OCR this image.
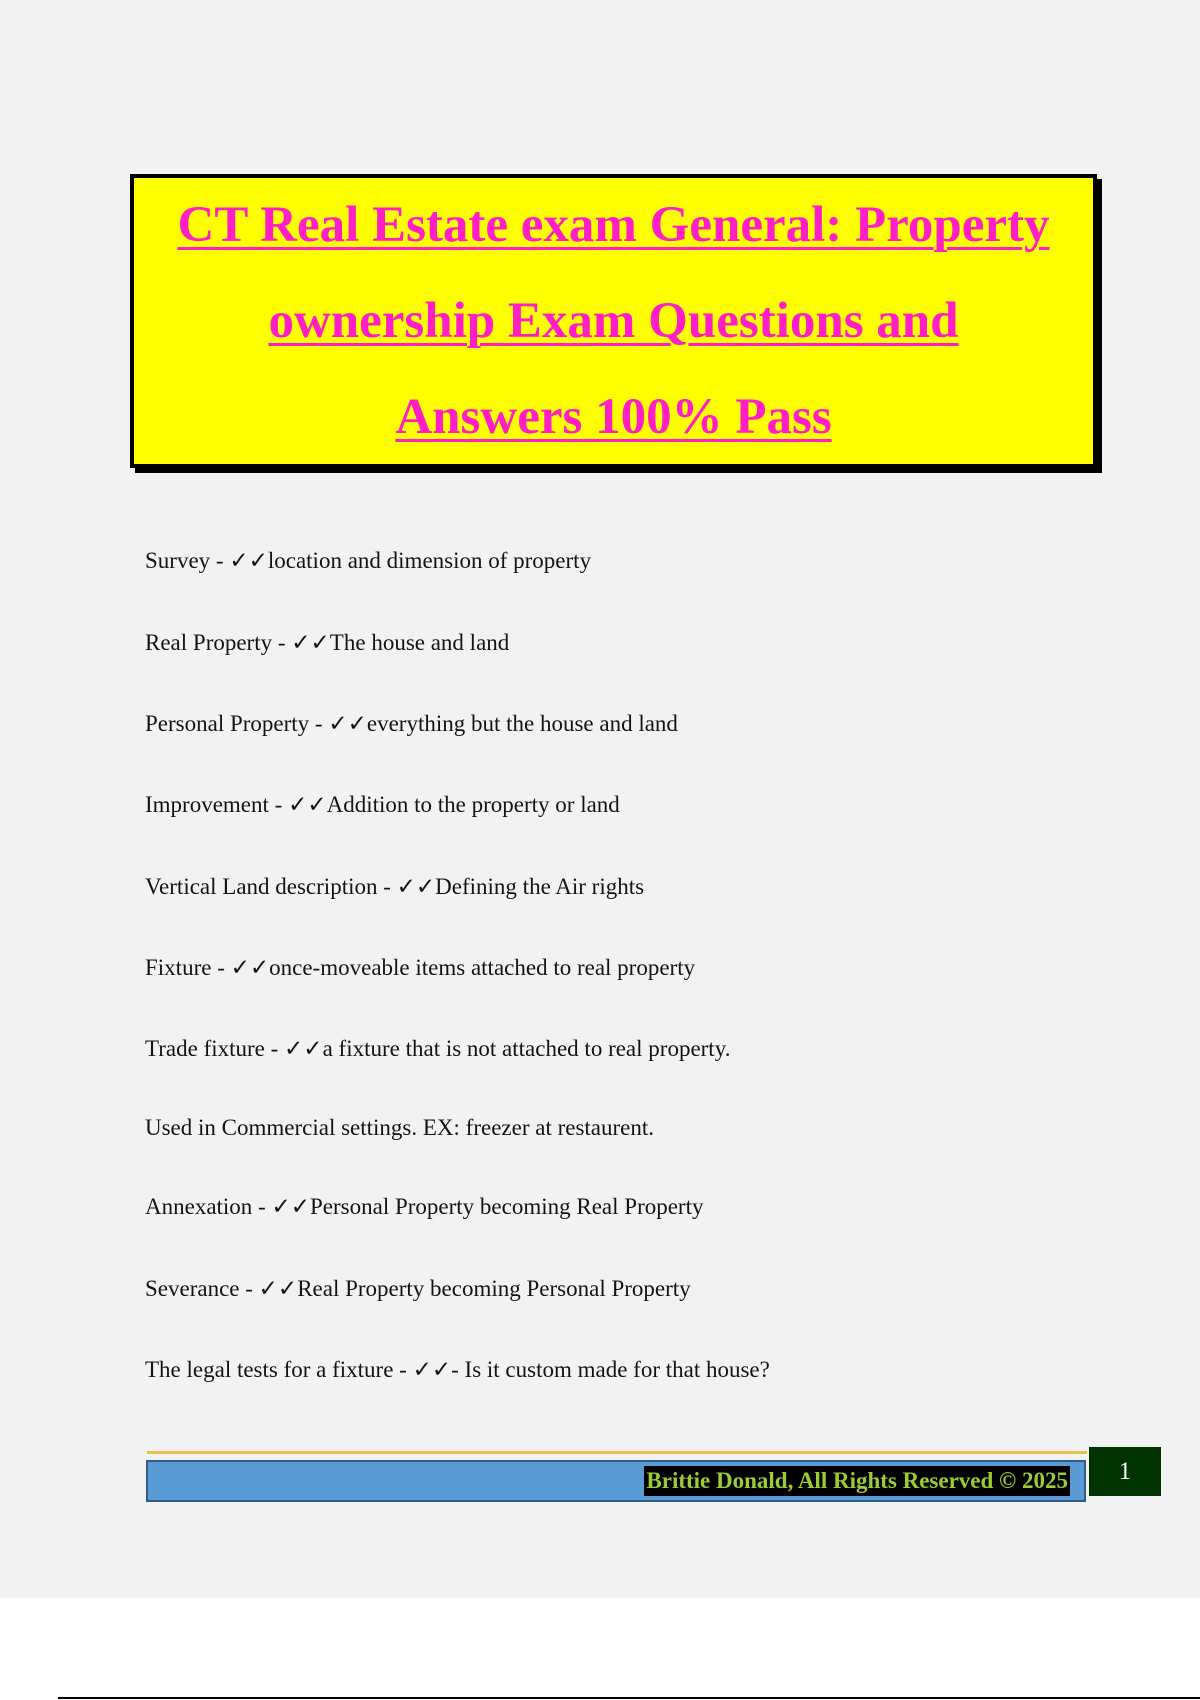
CT Real Estate exam General: Property
ownership Exam Questions and
Answers 100% Pass
Survey - ✓✓location and dimension of property
Real Property - ✓✓The house and land
Personal Property - ✓✓everything but the house and land
Improvement - ✓✓Addition to the property or land
Vertical Land description - ✓✓Defining the Air rights
Fixture - ✓✓once-moveable items attached to real property
Trade fixture - ✓✓a fixture that is not attached to real property.
Used in Commercial settings. EX: freezer at restaurent.
Annexation - ✓✓Personal Property becoming Real Property
Severance - ✓✓Real Property becoming Personal Property
The legal tests for a fixture - ✓✓- Is it custom made for that house?
Brittie Donald, All Rights Reserved © 2025	1
